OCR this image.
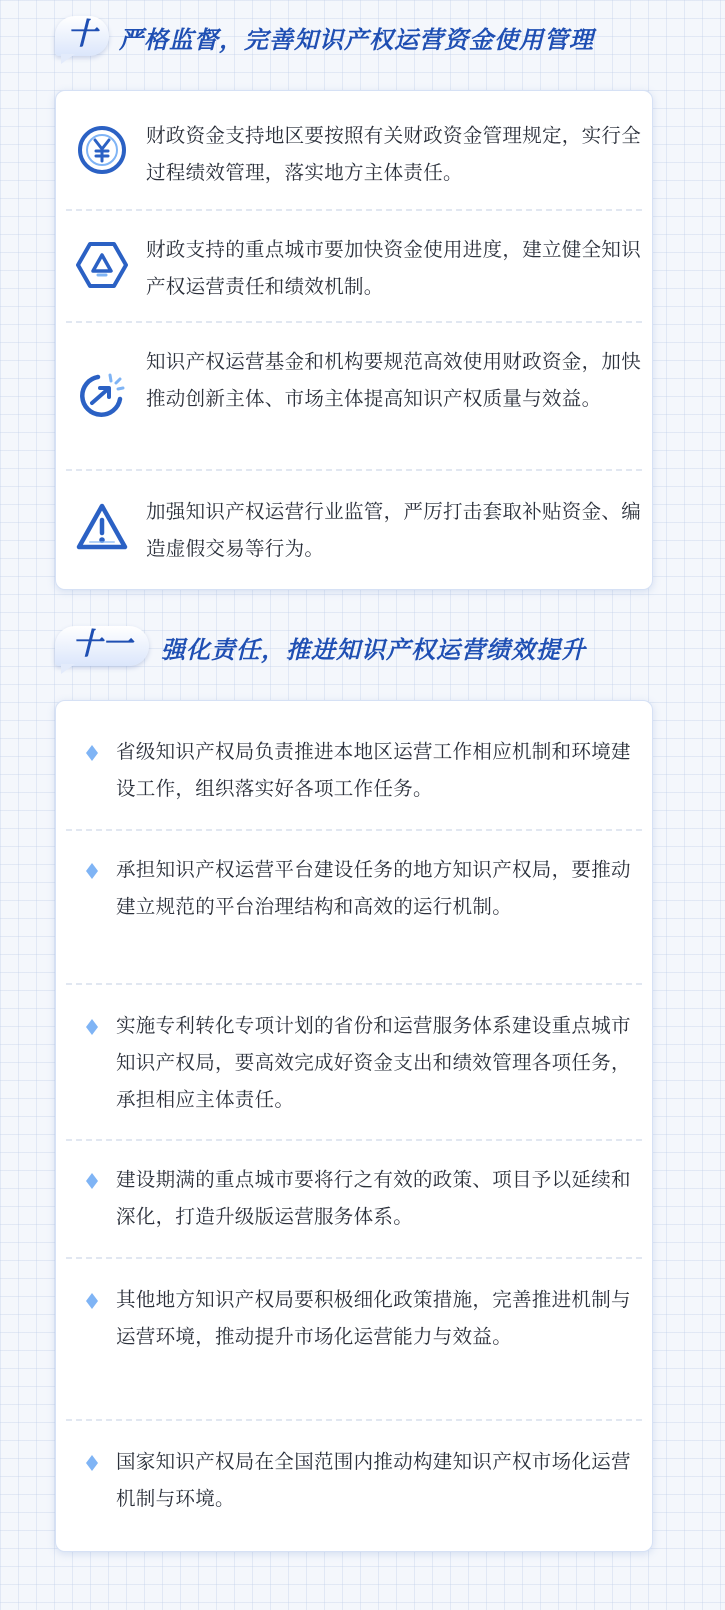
十 严格监督，完善知识产权运营资金使用管理
财政资金支持地区要按照有关财政资金管理规定，实行全过程绩效管理，落实地方主体责任。
财政支持的重点城市要加快资金使用进度，建立健全知识产权运营责任和绩效机制。
知识产权运营基金和机构要规范高效使用财政资金，加快推动创新主体、市场主体提高知识产权质量与效益。
加强知识产权运营行业监管，严厉打击套取补贴资金、编造虚假交易等行为。
十一	强化责任，推进知识产权运营绩效提升
省级知识产权局负责推进本地区运营工作相应机制和环境建设工作，组织落实好各项工作任务。
承担知识产权运营平台建设任务的地方知识产权局，要推动建立规范的平台治理结构和高效的运行机制。
实施专利转化专项计划的省份和运营服务体系建设重点城市知识产权局，要高效完成好资金支出和绩效管理各项任务，承担相应主体责任。
建设期满的重点城市要将行之有效的政策、项目予以延续和深化，打造升级版运营服务体系。
其他地方知识产权局要积极细化政策措施，完善推进机制与运营环境，推动提升市场化运营能力与效益。
国家知识产权局在全国范围内推动构建知识产权市场化运营机制与环境。
